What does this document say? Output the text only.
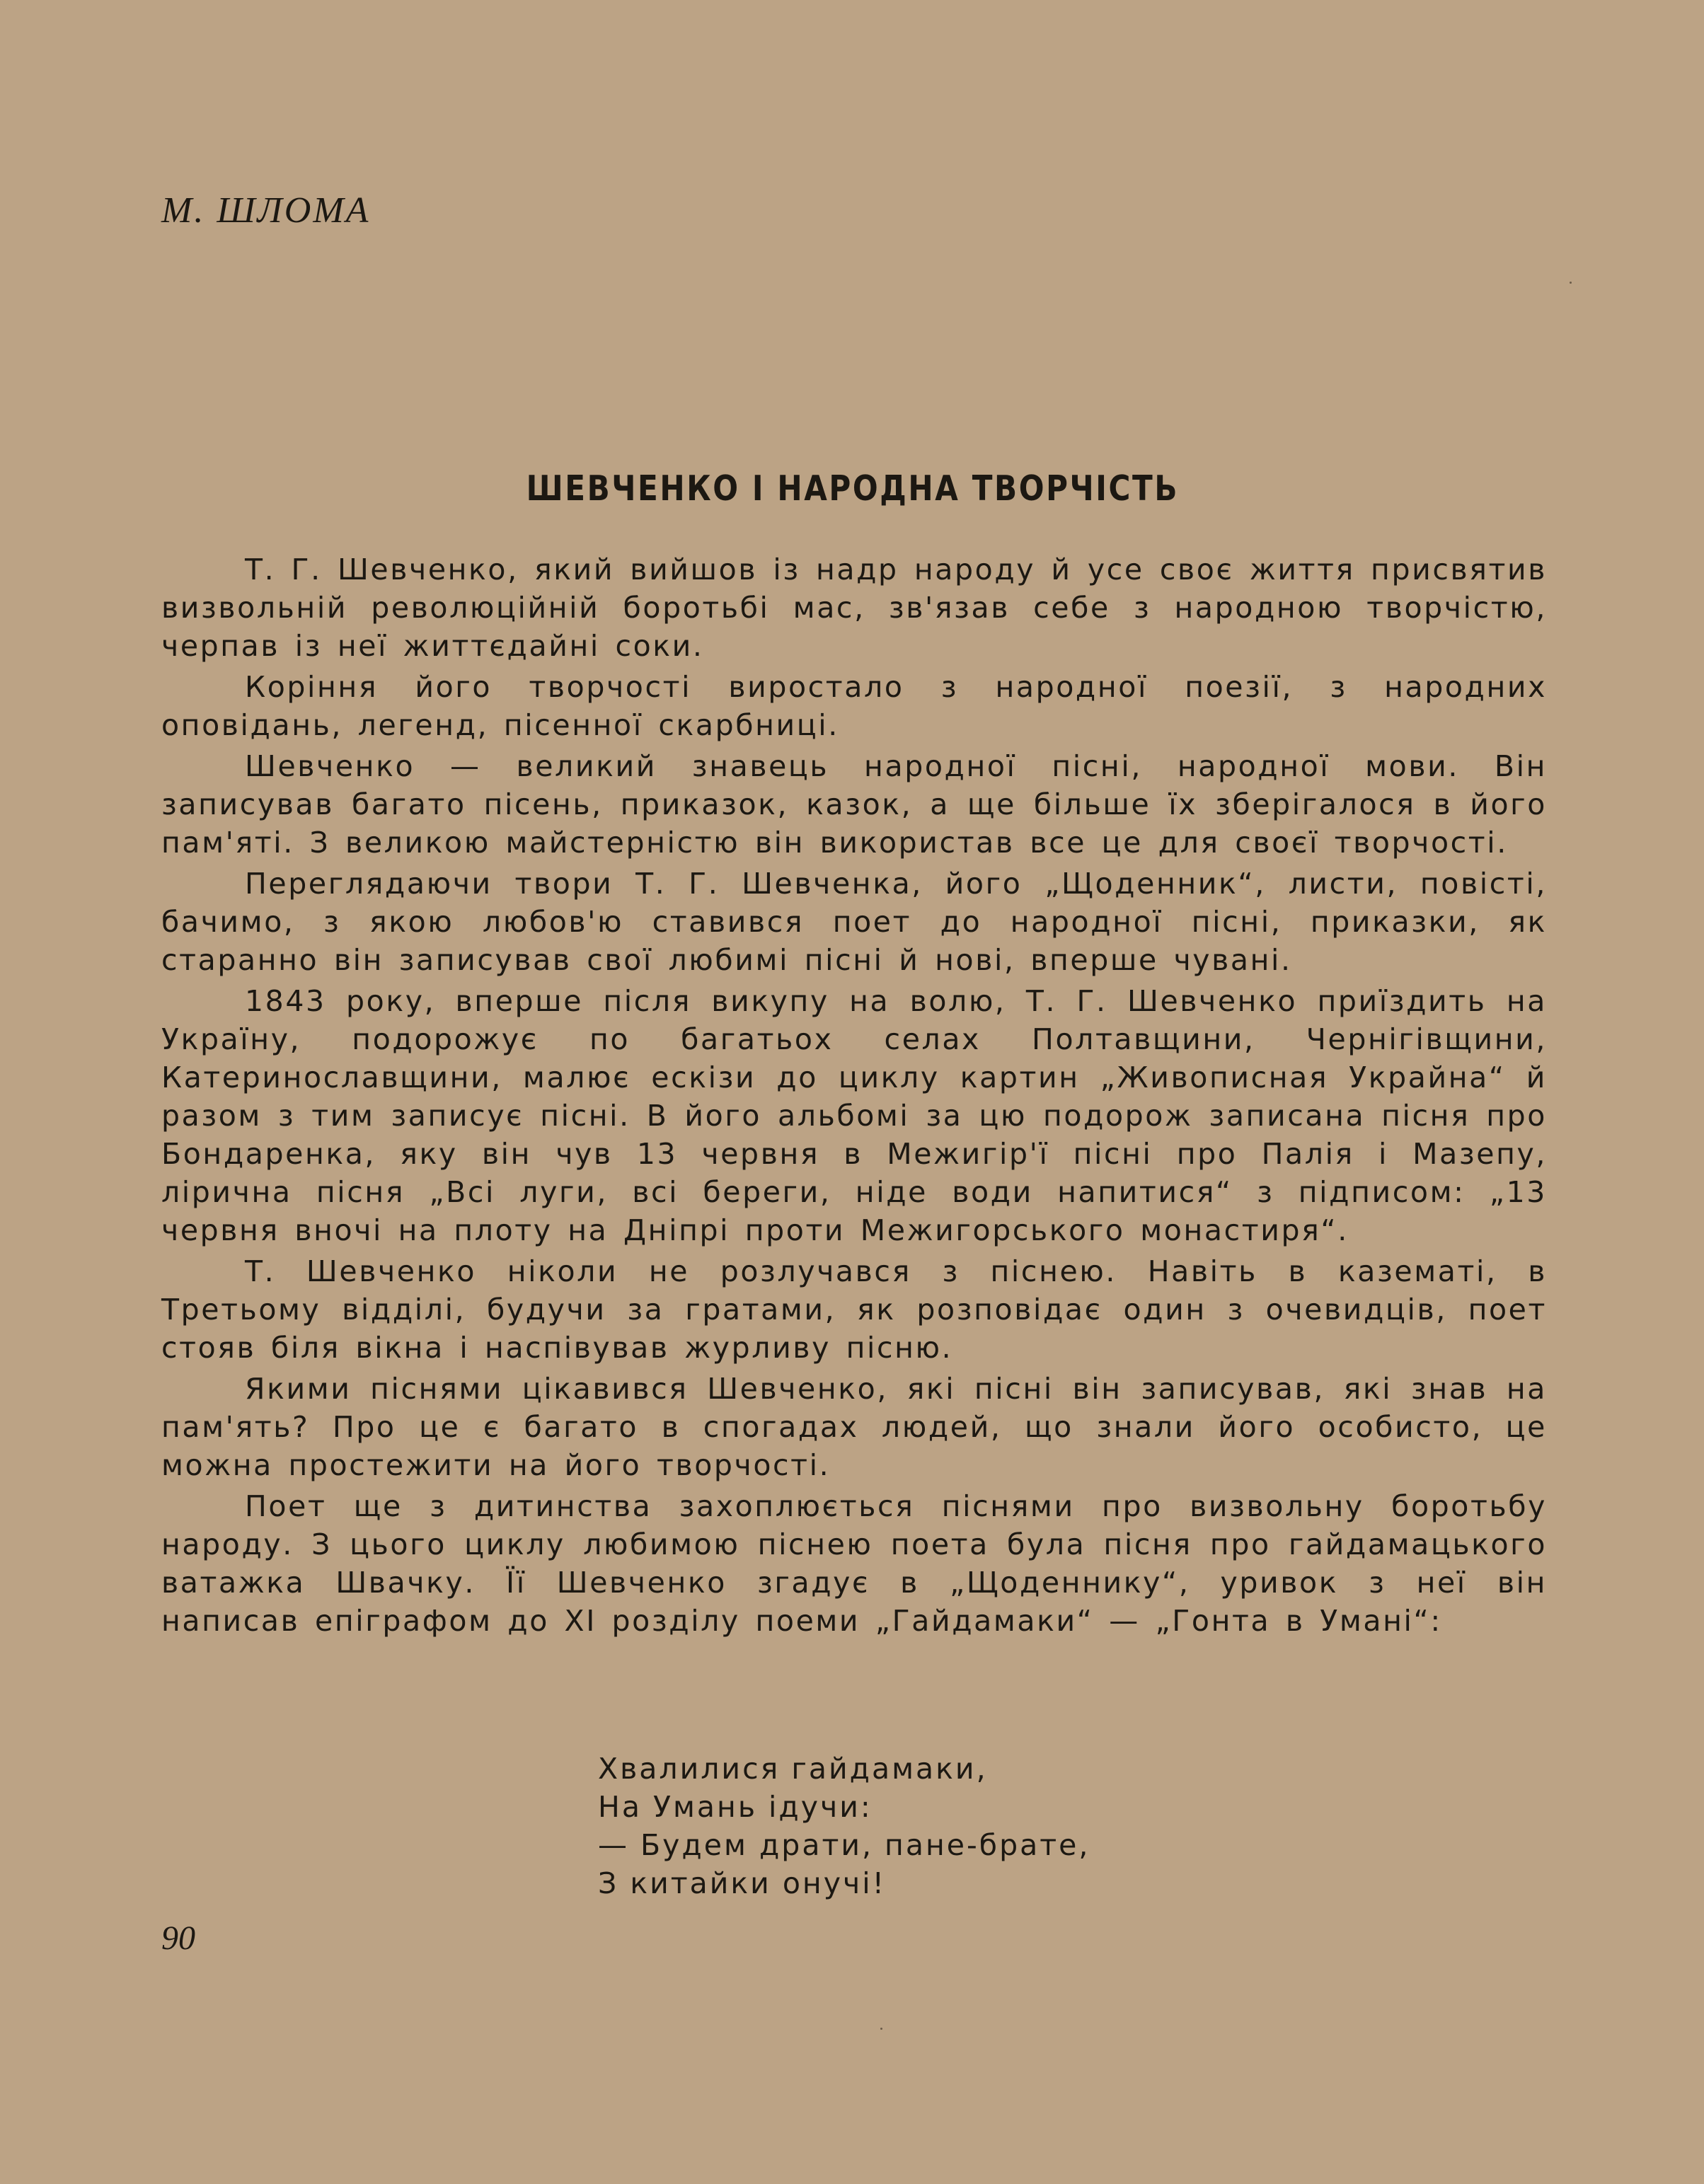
М. ШЛОМА
ШЕВЧЕНКО І НАРОДНА ТВОРЧІСТЬ

Т. Г. Шевченко, який вийшов із надр народу й усе своє життя присвятив визвольній революційній боротьбі мас, зв'язав себе з народною творчістю, черпав із неї життєдайні соки.

Коріння його творчості виростало з народної поезії, з народних оповідань, легенд, пісенної скарбниці.

Шевченко — великий знавець народної пісні, народної мови. Він записував багато пісень, приказок, казок, а ще більше їх зберігалося в його пам'яті. З великою майстерністю він використав все це для своєї творчості.

Переглядаючи твори Т. Г. Шевченка, його „Щоденник“, листи, повісті, бачимо, з якою любов'ю ставився поет до народної пісні, приказки, як старанно він записував свої любимі пісні й нові, вперше чувані.

1843 року, вперше після викупу на волю, Т. Г. Шевченко приїздить на Україну, подорожує по багатьох селах Полтавщини, Чернігівщини, Катеринославщини, малює ескізи до циклу картин „Живописная Украйна“ й разом з тим записує пісні. В його альбомі за цю подорож записана пісня про Бондаренка, яку він чув 13 червня в Межигір'ї пісні про Палія і Мазепу, лірична пісня „Всі луги, всі береги, ніде води напитися“ з підписом: „13 червня вночі на плоту на Дніпрі проти Межигорського монастиря“.

Т. Шевченко ніколи не розлучався з піснею. Навіть в казематі, в Третьому відділі, будучи за гратами, як розповідає один з очевидців, поет стояв біля вікна і наспівував журливу пісню.

Якими піснями цікавився Шевченко, які пісні він записував, які знав на пам'ять? Про це є багато в спогадах людей, що знали його особисто, це можна простежити на його творчості.

Поет ще з дитинства захоплюється піснями про визвольну боротьбу народу. З цього циклу любимою піснею поета була пісня про гайдамацького ватажка Швачку. Її Шевченко згадує в „Щоденнику“, уривок з неї він написав епіграфом до XI розділу поеми „Гайдамаки“ — „Гонта в Умані“:

Хвалилися гайдамаки,
На Умань ідучи:
— Будем драти, пане-брате,
З китайки онучі!
90
